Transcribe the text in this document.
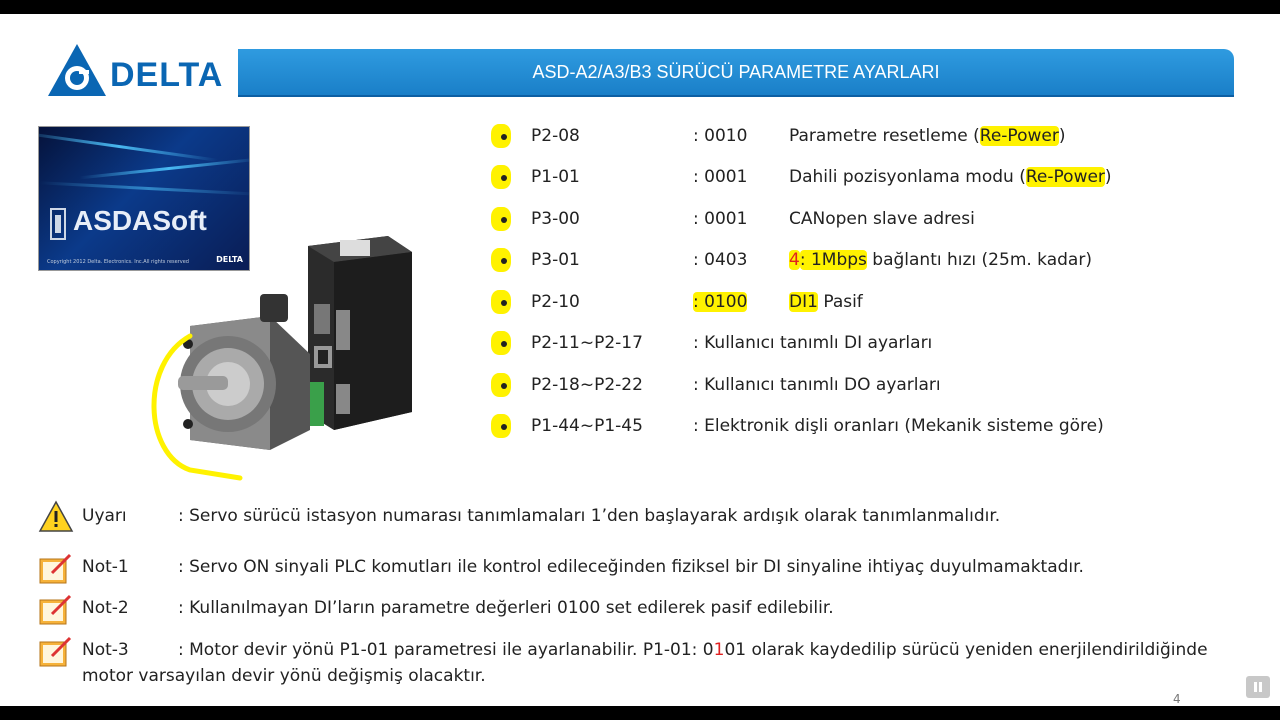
DELTA	ASD-A2/A3/B3 SÜRÜCÜ PARAMETRE AYARLARI
ASDASoft
Copyright 2012 Delta. Electronics. Inc.All rights reserved	DELTA
P2-08	: 0010 Parametre resetleme (Re-Power)
P1-01	: 0001 Dahili pozisyonlama modu (Re-Power)
P3-00	: 0001 CANopen slave adresi
P3-01	: 0403 4: 1Mbps bağlantı hızı (25m. kadar)
P2-10	: 0100 DI1 Pasif
P2-11~P2-17	: Kullanıcı tanımlı DI ayarları
P2-18~P2-22	: Kullanıcı tanımlı DO ayarları
P1-44~P1-45	: Elektronik dişli oranları (Mekanik sisteme göre)
Uyarı	: Servo sürücü istasyon numarası tanımlamaları 1’den başlayarak ardışık olarak tanımlanmalıdır.
Not-1	: Servo ON sinyali PLC komutları ile kontrol edileceğinden fiziksel bir DI sinyaline ihtiyaç duyulmamaktadır.
Not-2	: Kullanılmayan DI’ların parametre değerleri 0100 set edilerek pasif edilebilir.
Not-3	: Motor devir yönü P1-01 parametresi ile ayarlanabilir. P1-01: 0101 olarak kaydedilip sürücü yeniden enerjilendirildiğinde
motor varsayılan devir yönü değişmiş olacaktır.
4
